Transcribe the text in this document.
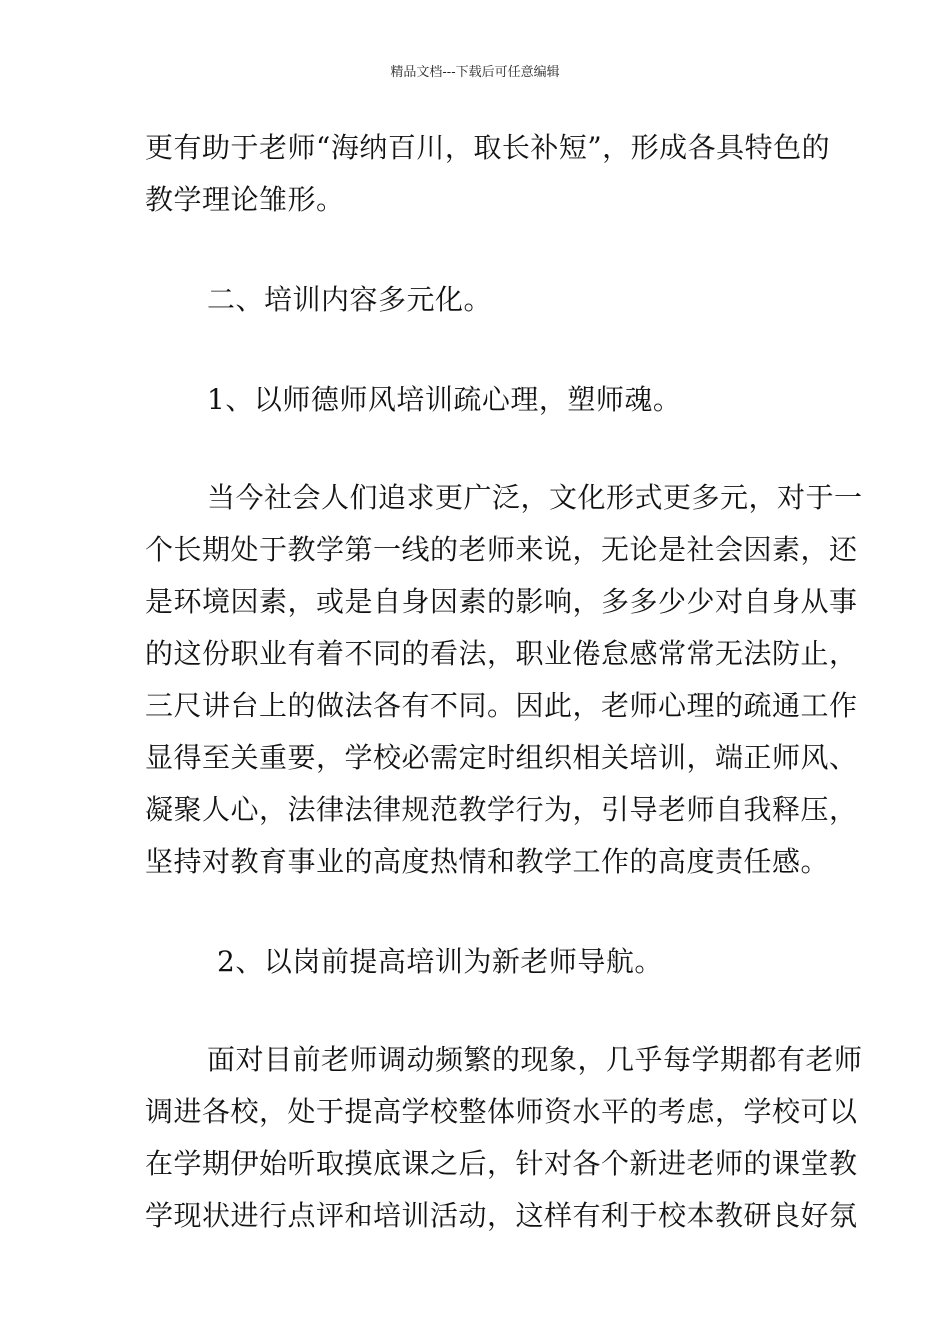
精品文档---下载后可任意编辑
更有助于老师“海纳百川，取长补短”，形成各具特色的
教学理论雏形。
二、培训内容多元化。
1、以师德师风培训疏心理，塑师魂。
当今社会人们追求更广泛，文化形式更多元，对于一
个长期处于教学第一线的老师来说，无论是社会因素，还
是环境因素，或是自身因素的影响，多多少少对自身从事
的这份职业有着不同的看法，职业倦怠感常常无法防止，
三尺讲台上的做法各有不同。因此，老师心理的疏通工作
显得至关重要，学校必需定时组织相关培训，端正师风、
凝聚人心，法律法律规范教学行为，引导老师自我释压，
坚持对教育事业的高度热情和教学工作的高度责任感。
2、以岗前提高培训为新老师导航。
面对目前老师调动频繁的现象，几乎每学期都有老师
调进各校，处于提高学校整体师资水平的考虑，学校可以
在学期伊始听取摸底课之后，针对各个新进老师的课堂教
学现状进行点评和培训活动，这样有利于校本教研良好氛
